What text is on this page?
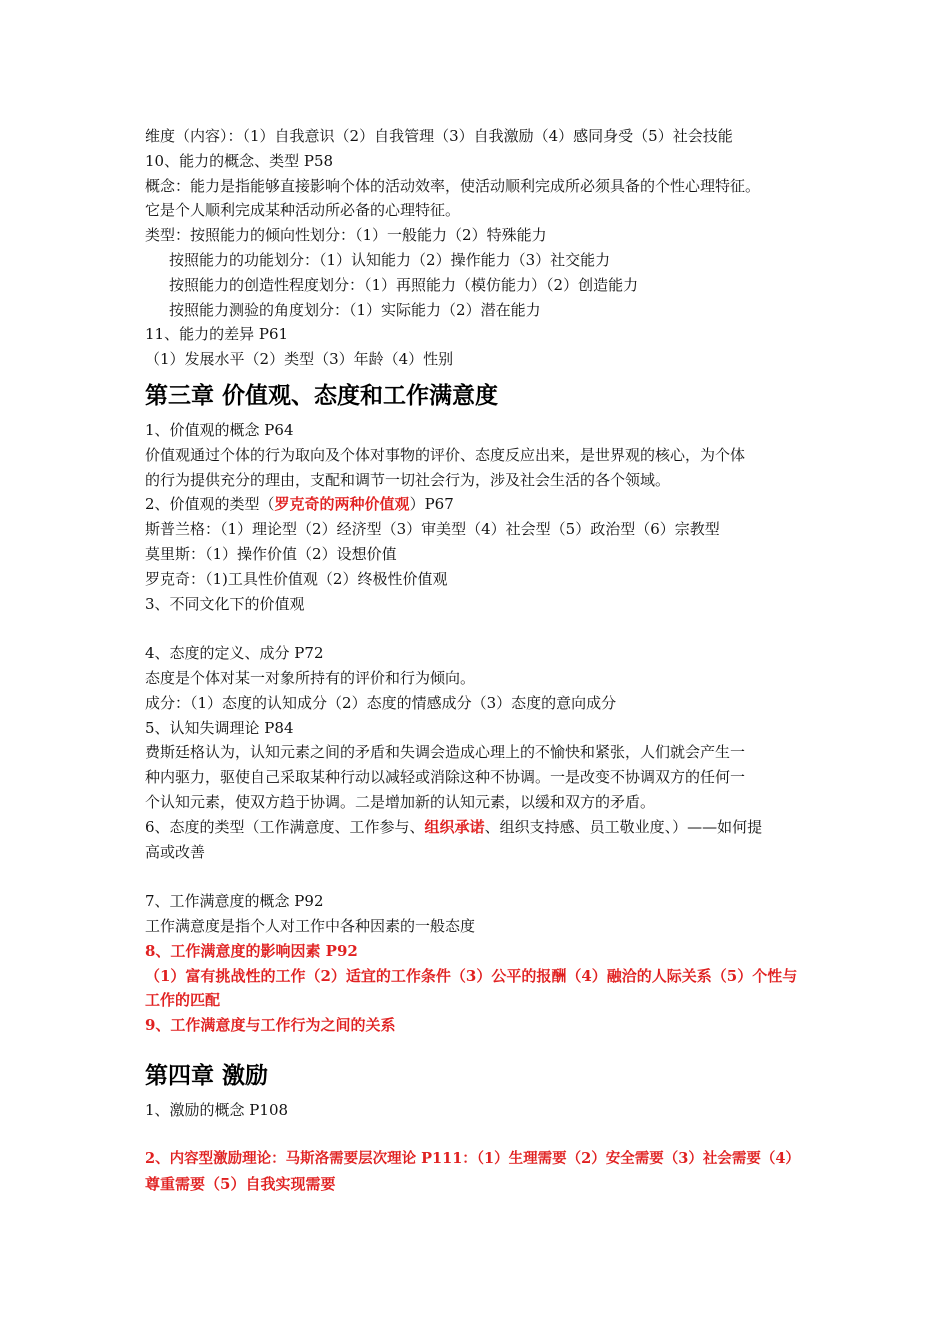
维度（内容）：（1）自我意识（2）自我管理（3）自我激励（4）感同身受（5）社会技能
10、能力的概念、类型 P58
概念：能力是指能够直接影响个体的活动效率，使活动顺利完成所必须具备的个性心理特征。
它是个人顺利完成某种活动所必备的心理特征。
类型：按照能力的倾向性划分：（1）一般能力（2）特殊能力
按照能力的功能划分：（1）认知能力（2）操作能力（3）社交能力
按照能力的创造性程度划分：（1）再照能力（模仿能力）（2）创造能力
按照能力测验的角度划分：（1）实际能力（2）潜在能力
11、能力的差异 P61
（1）发展水平（2）类型（3）年龄（4）性别
第三章 价值观、态度和工作满意度
1、价值观的概念 P64
价值观通过个体的行为取向及个体对事物的评价、态度反应出来，是世界观的核心，为个体
的行为提供充分的理由，支配和调节一切社会行为，涉及社会生活的各个领域。
2、价值观的类型（罗克奇的两种价值观）P67
斯普兰格：（1）理论型（2）经济型（3）审美型（4）社会型（5）政治型（6）宗教型
莫里斯：（1）操作价值（2）设想价值
罗克奇：（1)工具性价值观（2）终极性价值观
3、不同文化下的价值观
4、态度的定义、成分 P72
态度是个体对某一对象所持有的评价和行为倾向。
成分：（1）态度的认知成分（2）态度的情感成分（3）态度的意向成分
5、认知失调理论 P84
费斯廷格认为，认知元素之间的矛盾和失调会造成心理上的不愉快和紧张，人们就会产生一
种内驱力，驱使自己采取某种行动以减轻或消除这种不协调。一是改变不协调双方的任何一
个认知元素，使双方趋于协调。二是增加新的认知元素，以缓和双方的矛盾。
6、态度的类型（工作满意度、工作参与、组织承诺、组织支持感、员工敬业度、）——如何提
高或改善
7、工作满意度的概念 P92
工作满意度是指个人对工作中各种因素的一般态度
8、工作满意度的影响因素 P92
（1）富有挑战性的工作（2）适宜的工作条件（3）公平的报酬（4）融洽的人际关系（5）个性与
工作的匹配
9、工作满意度与工作行为之间的关系
第四章 激励
1、激励的概念 P108
2、内容型激励理论：马斯洛需要层次理论 P111：（1）生理需要（2）安全需要（3）社会需要（4）
尊重需要（5）自我实现需要
